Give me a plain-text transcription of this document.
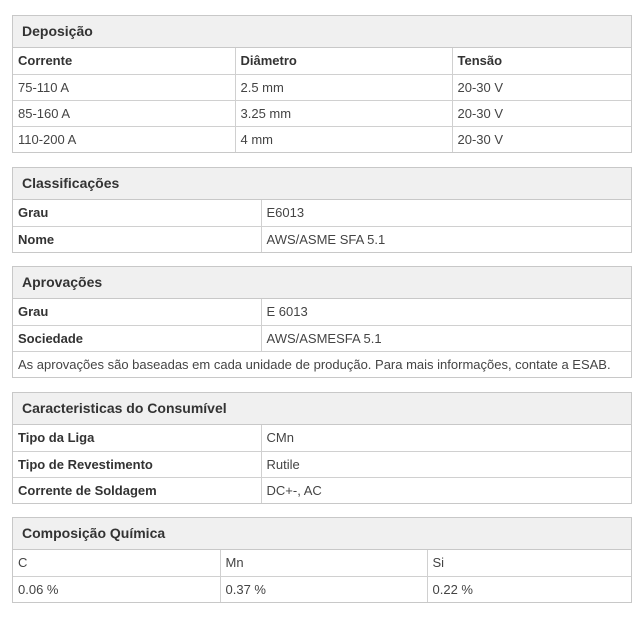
Deposição
Corrente	Diâmetro	Tensão
75-110 A	2.5 mm	20-30 V
85-160 A	3.25 mm	20-30 V
110-200 A	4 mm	20-30 V
Classificações
Grau	E6013
Nome	AWS/ASME SFA 5.1
Aprovações
Grau	E 6013
Sociedade	AWS/ASMESFA 5.1
As aprovações são baseadas em cada unidade de produção. Para mais informações, contate a ESAB.	
Caracteristicas do Consumível
Tipo da Liga	CMn
Tipo de Revestimento	Rutile
Corrente de Soldagem	DC+-, AC
Composição Química
C	Mn	Si
0.06 %	0.37 %	0.22 %
